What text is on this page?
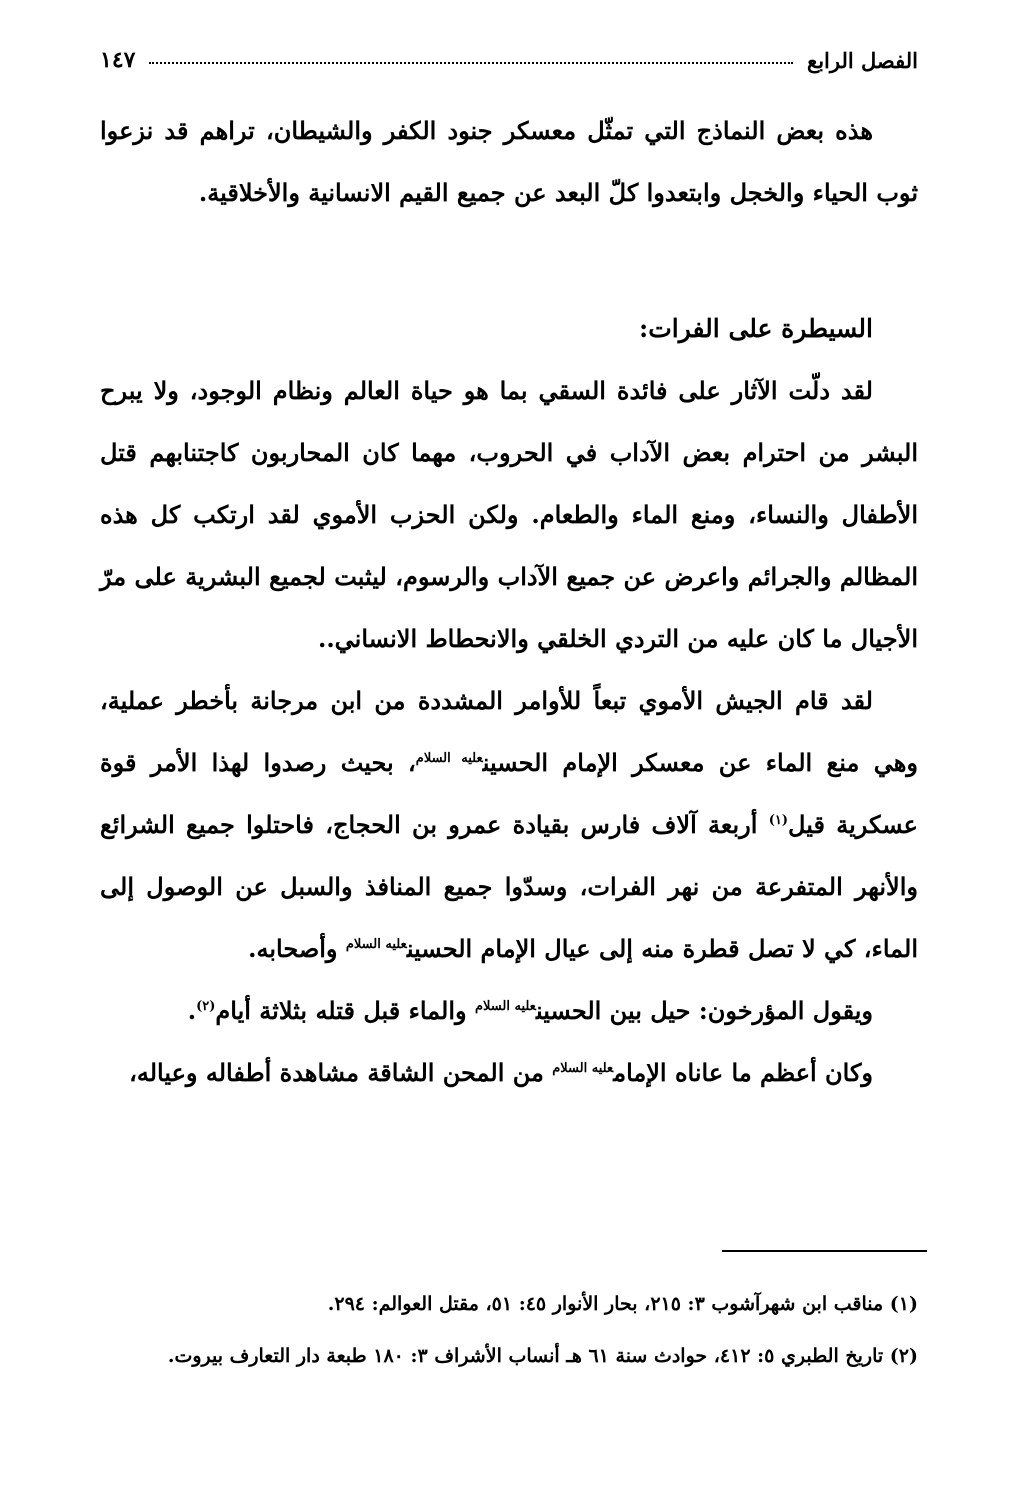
الفصل الرابع
١٤٧

هذه بعض النماذج التي تمثّل معسكر جنود الكفر والشيطان، تراهم قد نزعوا ثوب الحياء والخجل وابتعدوا كلّ البعد عن جميع القيم الانسانية والأخلاقية.

السيطرة على الفرات:

لقد دلّت الآثار على فائدة السقي بما هو حياة العالم ونظام الوجود، ولا يبرح البشر من احترام بعض الآداب في الحروب، مهما كان المحاربون كاجتنابهم قتل الأطفال والنساء، ومنع الماء والطعام. ولكن الحزب الأموي لقد ارتكب كل هذه المظالم والجرائم واعرض عن جميع الآداب والرسوم، ليثبت لجميع البشرية على مرّ الأجيال ما كان عليه من التردي الخلقي والانحطاط الانساني..

لقد قام الجيش الأموي تبعاً للأوامر المشددة من ابن مرجانة بأخطر عملية، وهي منع الماء عن معسكر الإمام الحسين$^{عليه السلام}$، بحيث رصدوا لهذا الأمر قوة عسكرية قيل$^{(١)}$ أربعة آلاف فارس بقيادة عمرو بن الحجاج، فاحتلوا جميع الشرائع والأنهر المتفرعة من نهر الفرات، وسدّوا جميع المنافذ والسبل عن الوصول إلى الماء، كي لا تصل قطرة منه إلى عيال الإمام الحسين$^{عليه السلام}$ وأصحابه.

ويقول المؤرخون: حيل بين الحسين$^{عليه السلام}$ والماء قبل قتله بثلاثة أيام$^{(٢)}$.

وكان أعظم ما عاناه الإمام$^{عليه السلام}$ من المحن الشاقة مشاهدة أطفاله وعياله،

(١) مناقب ابن شهرآشوب ٣: ٢١٥، بحار الأنوار ٤٥: ٥١، مقتل العوالم: ٢٩٤.

(٢) تاريخ الطبري ٥: ٤١٢، حوادث سنة ٦١ هـ أنساب الأشراف ٣: ١٨٠ طبعة دار التعارف بيروت.
